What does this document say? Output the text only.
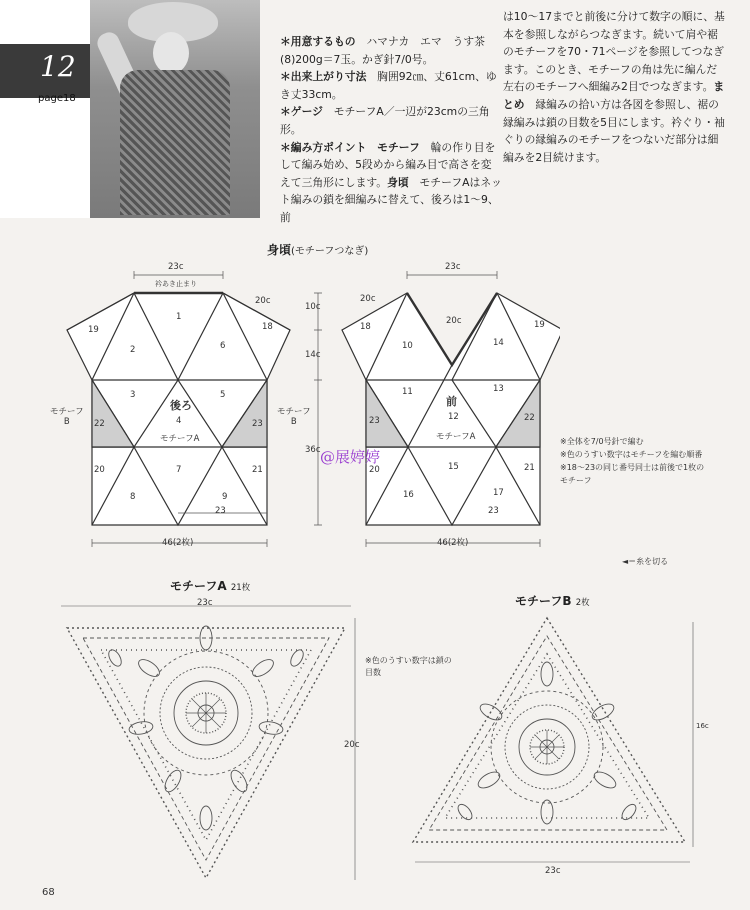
12
page18

＊用意するもの　ハマナカ　エマ　うす茶(8)200g＝7玉。かぎ針7/0号。

＊出来上がり寸法　胸囲92㎝、丈61cm、ゆき丈33cm。

＊ゲージ　モチーフA／一辺が23cmの三角形。

＊編み方ポイント　モチーフ　輪の作り目をして編み始め、5段めから編み目で高さを変えて三角形にします。身頃　モチーフAはネット編みの鎖を細編みに替えて、後ろは1～9、前

は10～17までと前後に分けて数字の順に、基本を参照しながらつなぎます。続いて肩や裾のモチーフを70・71ページを参照してつなぎます。このとき、モチーフの角は先に編んだ左右のモチーフへ細編み2目でつなぎます。まとめ　縁編みの拾い方は各図を参照し、裾の縁編みは鎖の目数を5目にします。衿ぐり・袖ぐりの縁編みのモチーフをつないだ部分は細編みを2目続けます。

身頃(モチーフつなぎ)
23c	23c
衿あき止まり
20c	20c
20c
10c
14c
36c
23	23
46(2枚)	46(2枚)
1
2
3
4
5
6
7
8	9
18
19
20	21
22	23
後ろ
モチーフA
モチーフ
B
モチーフ
B
10
11
12
13
14
15
16	17
18	19
20	21
22
23
前
モチーフA
@展婷婷
※全体を7/0号針で編む
※色のうすい数字はモチーフを編む順番
※18～23の同じ番号同士は前後で1枚のモチーフ
◄＝糸を切る
モチーフA 21枚
23c
20c
※色のうすい数字は鎖の目数
モチーフB 2枚
23c
16c
68
